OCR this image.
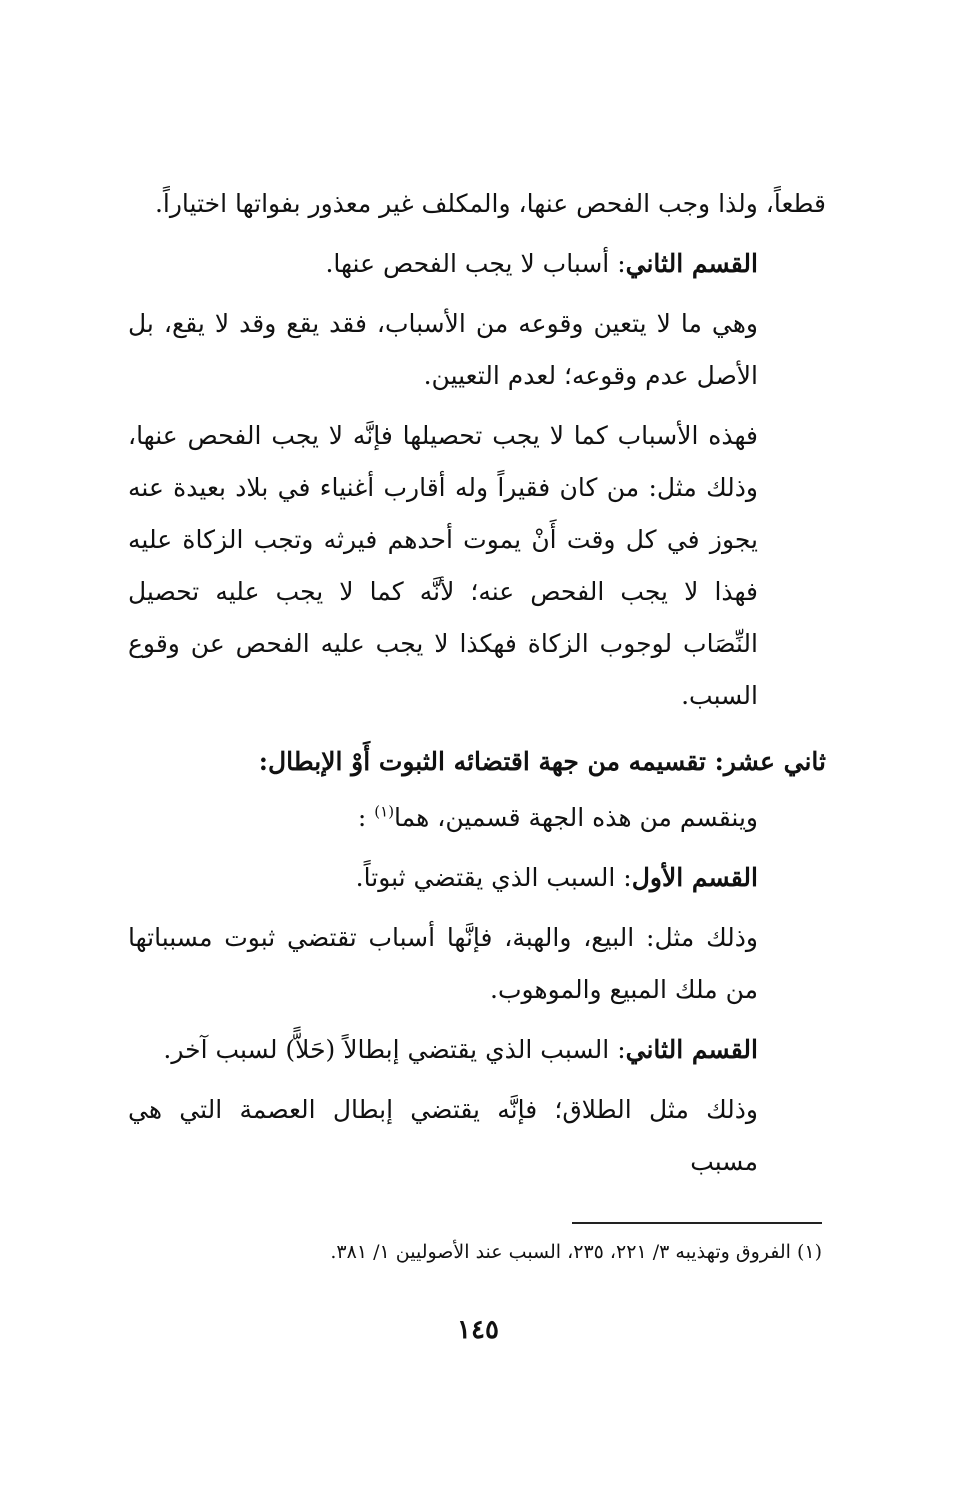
قطعاً، ولذا وجب الفحص عنها، والمكلف غير معذور بفواتها اختياراً.

القسم الثاني: أسباب لا يجب الفحص عنها.

وهي ما لا يتعين وقوعه من الأسباب، فقد يقع وقد لا يقع، بل الأصل عدم وقوعه؛ لعدم التعيين.

فهذه الأسباب كما لا يجب تحصيلها فإنَّه لا يجب الفحص عنها، وذلك مثل: من كان فقيراً وله أقارب أغنياء في بلاد بعيدة عنه يجوز في كل وقت أَنْ يموت أحدهم فيرثه وتجب الزكاة عليه فهذا لا يجب الفحص عنه؛ لأنَّه كما لا يجب عليه تحصيل النِّصَاب لوجوب الزكاة فهكذا لا يجب عليه الفحص عن وقوع السبب.

ثاني عشر: تقسيمه من جهة اقتضائه الثبوت أَوْ الإبطال:

وينقسم من هذه الجهة قسمين، هما$^{(١)}$ :

القسم الأول: السبب الذي يقتضي ثبوتاً.

وذلك مثل: البيع، والهبة، فإنَّها أسباب تقتضي ثبوت مسبباتها من ملك المبيع والموهوب.

القسم الثاني: السبب الذي يقتضي إبطالاً (حَلاًّ) لسبب آخر.

وذلك مثل الطلاق؛ فإنَّه يقتضي إبطال العصمة التي هي مسبب

(١) الفروق وتهذيبه ٣/ ٢٢١، ٢٣٥، السبب عند الأصوليين ١/ ٣٨١.
١٤٥
